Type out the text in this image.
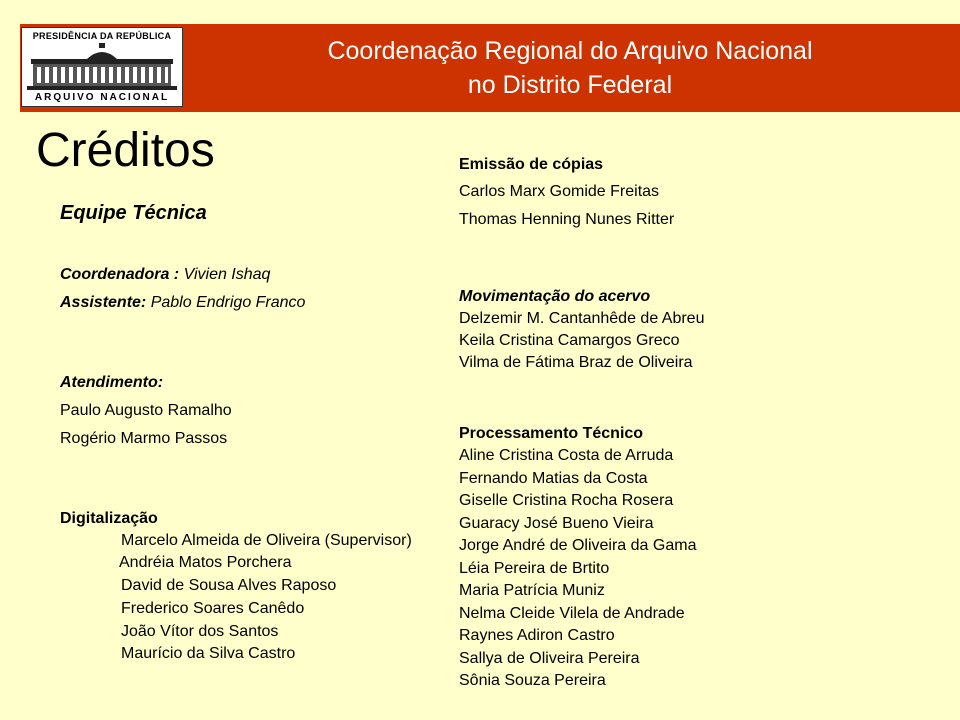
PRESIDÊNCIA DA REPÚBLICA
ARQUIVO NACIONAL
Coordenação Regional do Arquivo Nacional
no Distrito Federal
Créditos
Equipe Técnica
Coordenadora : Vivien Ishaq
Assistente: Pablo Endrigo Franco
Atendimento:
Paulo Augusto Ramalho
Rogério Marmo Passos
Digitalização
Marcelo Almeida de Oliveira (Supervisor)
Andréia Matos Porchera
David de Sousa Alves Raposo
Frederico Soares Canêdo
João Vítor dos Santos
Maurício da Silva Castro
Emissão de cópias
Carlos Marx Gomide Freitas
Thomas Henning Nunes Ritter
Movimentação do acervo
Delzemir M. Cantanhêde de Abreu
Keila Cristina Camargos Greco
Vilma de Fátima Braz de Oliveira
Processamento Técnico
Aline Cristina Costa de Arruda
Fernando Matias da Costa
Giselle Cristina Rocha Rosera
Guaracy José Bueno Vieira
Jorge André de Oliveira da Gama
Léia Pereira de Brtito
Maria Patrícia Muniz
Nelma Cleide Vilela de Andrade
Raynes Adiron Castro
Sallya de Oliveira Pereira
Sônia Souza Pereira
